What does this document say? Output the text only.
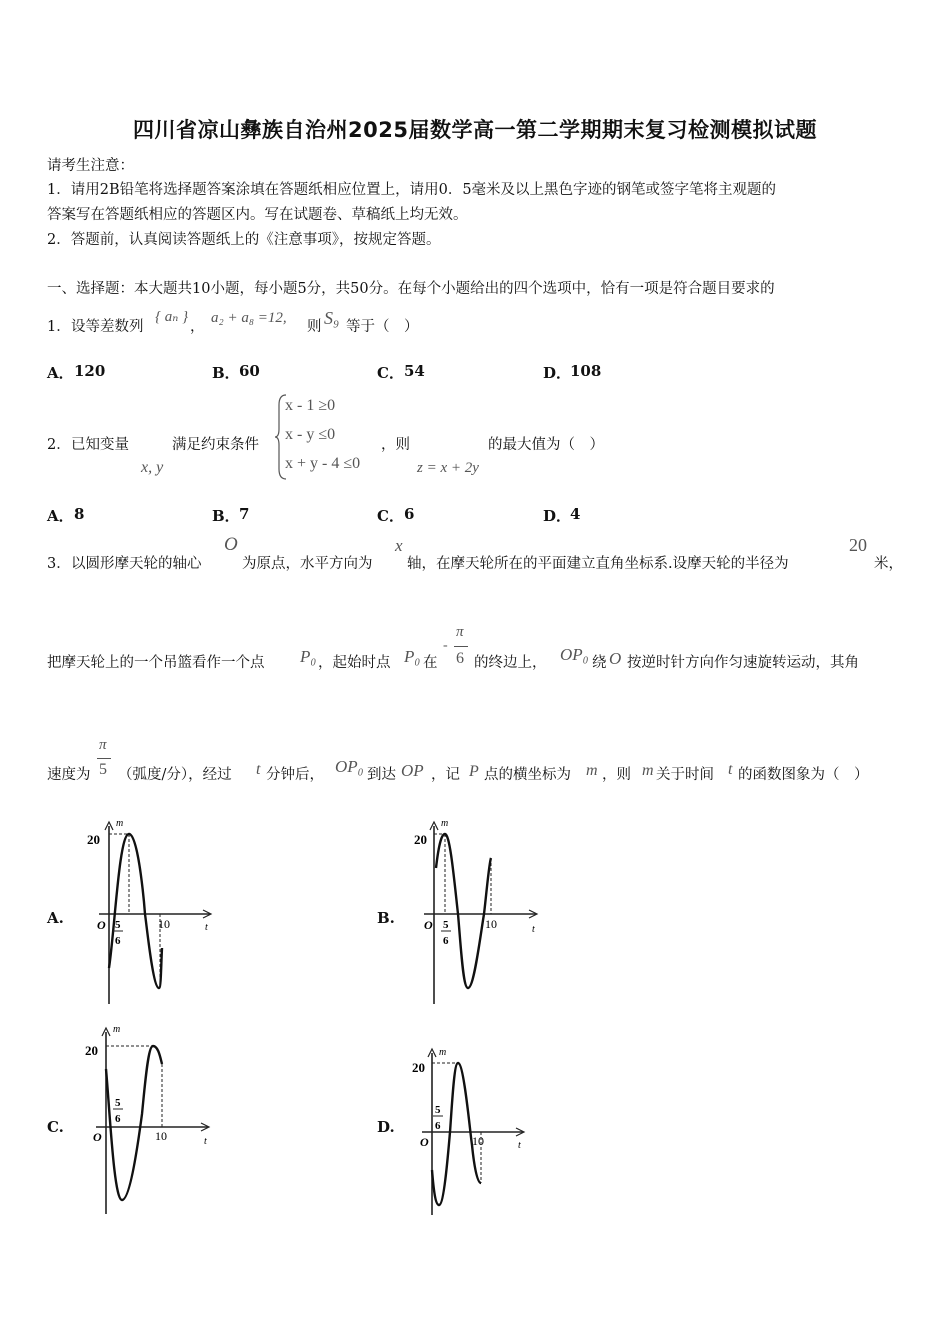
四川省凉山彝族自治州2025届数学高一第二学期期末复习检测模拟试题
请考生注意：
1．请用2B铅笔将选择题答案涂填在答题纸相应位置上，请用0．5毫米及以上黑色字迹的钢笔或签字笔将主观题的
答案写在答题纸相应的答题区内。写在试题卷、草稿纸上均无效。
2．答题前，认真阅读答题纸上的《注意事项》，按规定答题。
一、选择题：本大题共10小题，每小题5分，共50分。在每个小题给出的四个选项中，恰有一项是符合题目要求的
1． 设等差数列
{ aₙ }
，
a₂ + a₈ =12,
则 S₉ 等于（　）
A． 120	B． 60	C． 54	D．
108
2． 已知变量
x, y
满足约束条件
x - 1 ≥0
x - y ≤0
x + y - 4 ≤0
，则
z = x + 2y
的最大值为（　）
A． 8	B． 7	C． 6	D．
4
3． 以圆形摩天轮的轴心
O
为原点，水平方向为
x
轴，在摩天轮所在的平面建立直角坐标系.设摩天轮的半径为
20
米，
把摩天轮上的一个吊篮看作一个点 P₀ ，起始时点 P₀ 在
-
π
6 的终边上， OP₀ 绕 O 按逆时针方向作匀速旋转运动，其角
速度为
π
5 （弧度/分），经过 t 分钟后， OP₀ 到达 OP ，记 P 点的横坐标为 m ，则 m 关于时间 t 的函数图象为（　）
A.	B.
C.	D.
m
20
O 5
6
10	t
m
20
O 5
6
10	t
m
20
O
5
6
10	t
m
20
O
5
6
10	t
